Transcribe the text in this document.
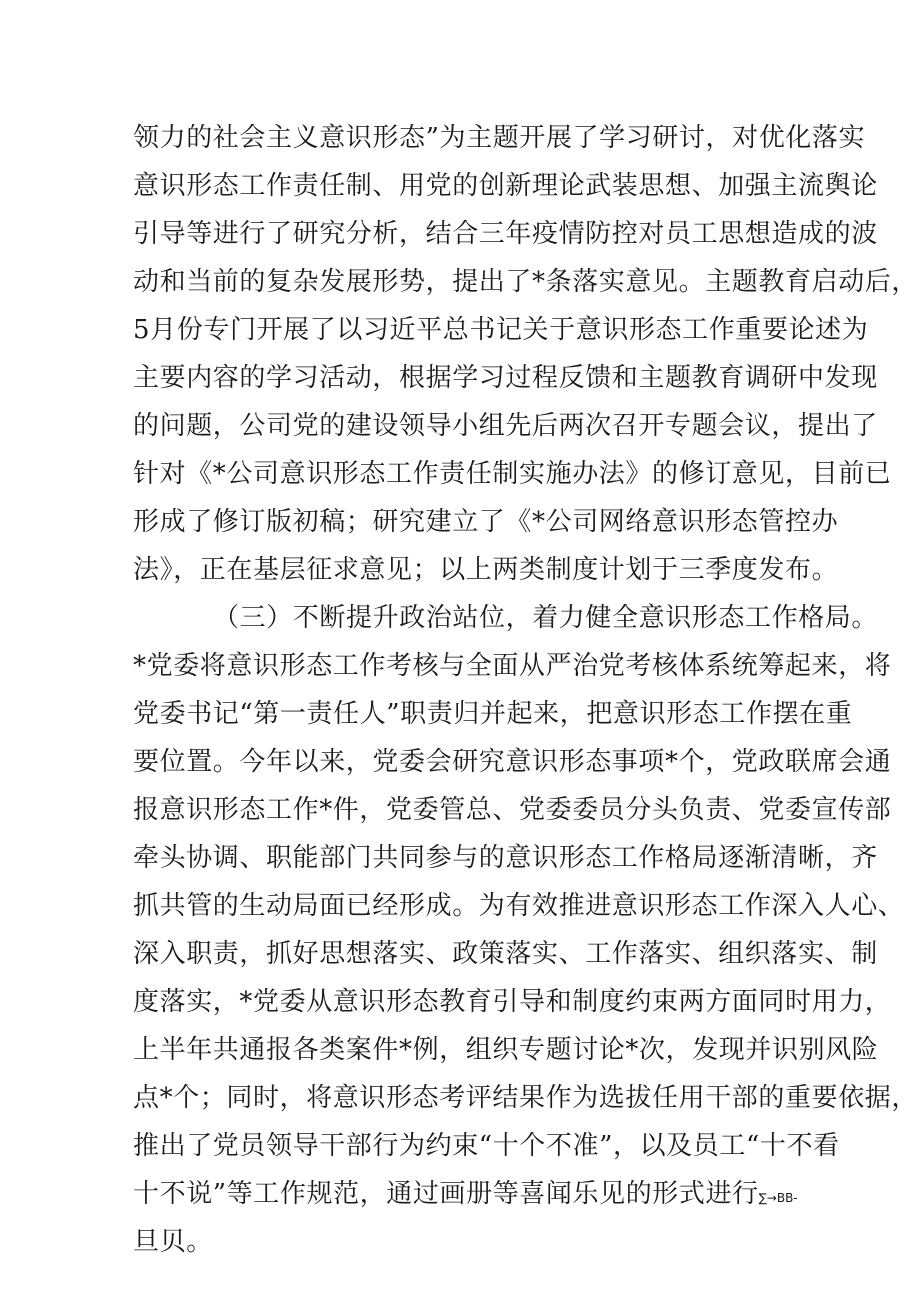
领力的社会主义意识形态”为主题开展了学习研讨，对优化落实
意识形态工作责任制、用党的创新理论武装思想、加强主流舆论
引导等进行了研究分析，结合三年疫情防控对员工思想造成的波
动和当前的复杂发展形势，提出了*条落实意见。主题教育启动后，
5月份专门开展了以习近平总书记关于意识形态工作重要论述为
主要内容的学习活动，根据学习过程反馈和主题教育调研中发现
的问题，公司党的建设领导小组先后两次召开专题会议，提出了
针对《*公司意识形态工作责任制实施办法》的修订意见，目前已
形成了修订版初稿；研究建立了《*公司网络意识形态管控办
法》，正在基层征求意见；以上两类制度计划于三季度发布。
（三）不断提升政治站位，着力健全意识形态工作格局。
*党委将意识形态工作考核与全面从严治党考核体系统筹起来，将
党委书记“第一责任人”职责归并起来，把意识形态工作摆在重
要位置。今年以来，党委会研究意识形态事项*个，党政联席会通
报意识形态工作*件，党委管总、党委委员分头负责、党委宣传部
牵头协调、职能部门共同参与的意识形态工作格局逐渐清晰，齐
抓共管的生动局面已经形成。为有效推进意识形态工作深入人心、
深入职责，抓好思想落实、政策落实、工作落实、组织落实、制
度落实，*党委从意识形态教育引导和制度约束两方面同时用力，
上半年共通报各类案件*例，组织专题讨论*次，发现并识别风险
点*个；同时，将意识形态考评结果作为选拔任用干部的重要依据，
推出了党员领导干部行为约束“十个不准”，以及员工“十不看
十不说”等工作规范，通过画册等喜闻乐见的形式进行∑→BB-
旦贝。
